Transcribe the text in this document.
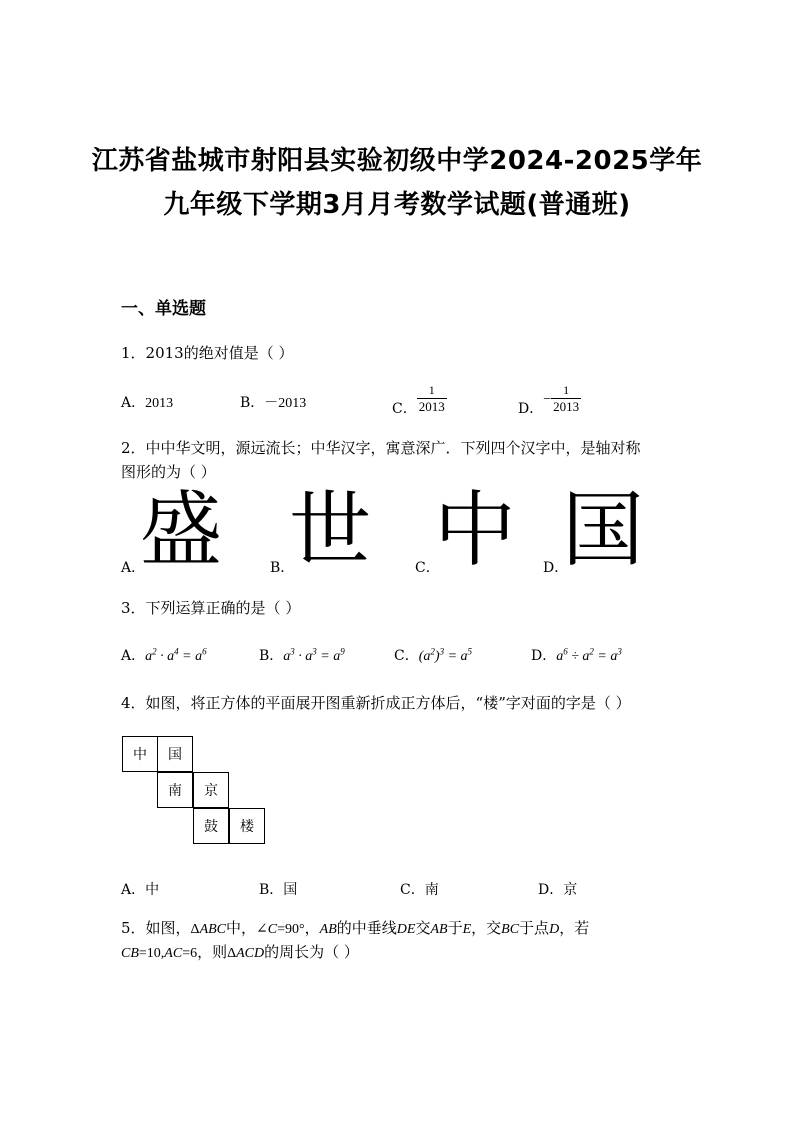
江苏省盐城市射阳县实验初级中学2024-2025学年
九年级下学期3月月考数学试题(普通班)
一、单选题
1．2013的绝对值是（ ）
A．2013	B．－2013	C． $\frac{1}{2013}$	D．− $\frac{1}{2013}$
2．中中华文明，源远流长；中华汉字，寓意深广．下列四个汉字中，是轴对称
图形的为（ ）
A．
盛	B．
世	C．
中 D．
国
3．下列运算正确的是（ ）
A．$a^2 \cdot a^4 = a^6$	B．$a^3 \cdot a^3 = a^9$	C．$(a^2)^3 = a^5$	D．$a^6 \div a^2 = a^3$
4．如图，将正方体的平面展开图重新折成正方体后，“楼”字对面的字是（ ）
中	国
南	京
鼓	楼
A．中	B．国	C．南	D．京
5．如图，ΔABC中，∠C=90°，AB的中垂线DE交AB于E，交BC于点D，若
CB=10,AC=6，则ΔACD的周长为（ ）
